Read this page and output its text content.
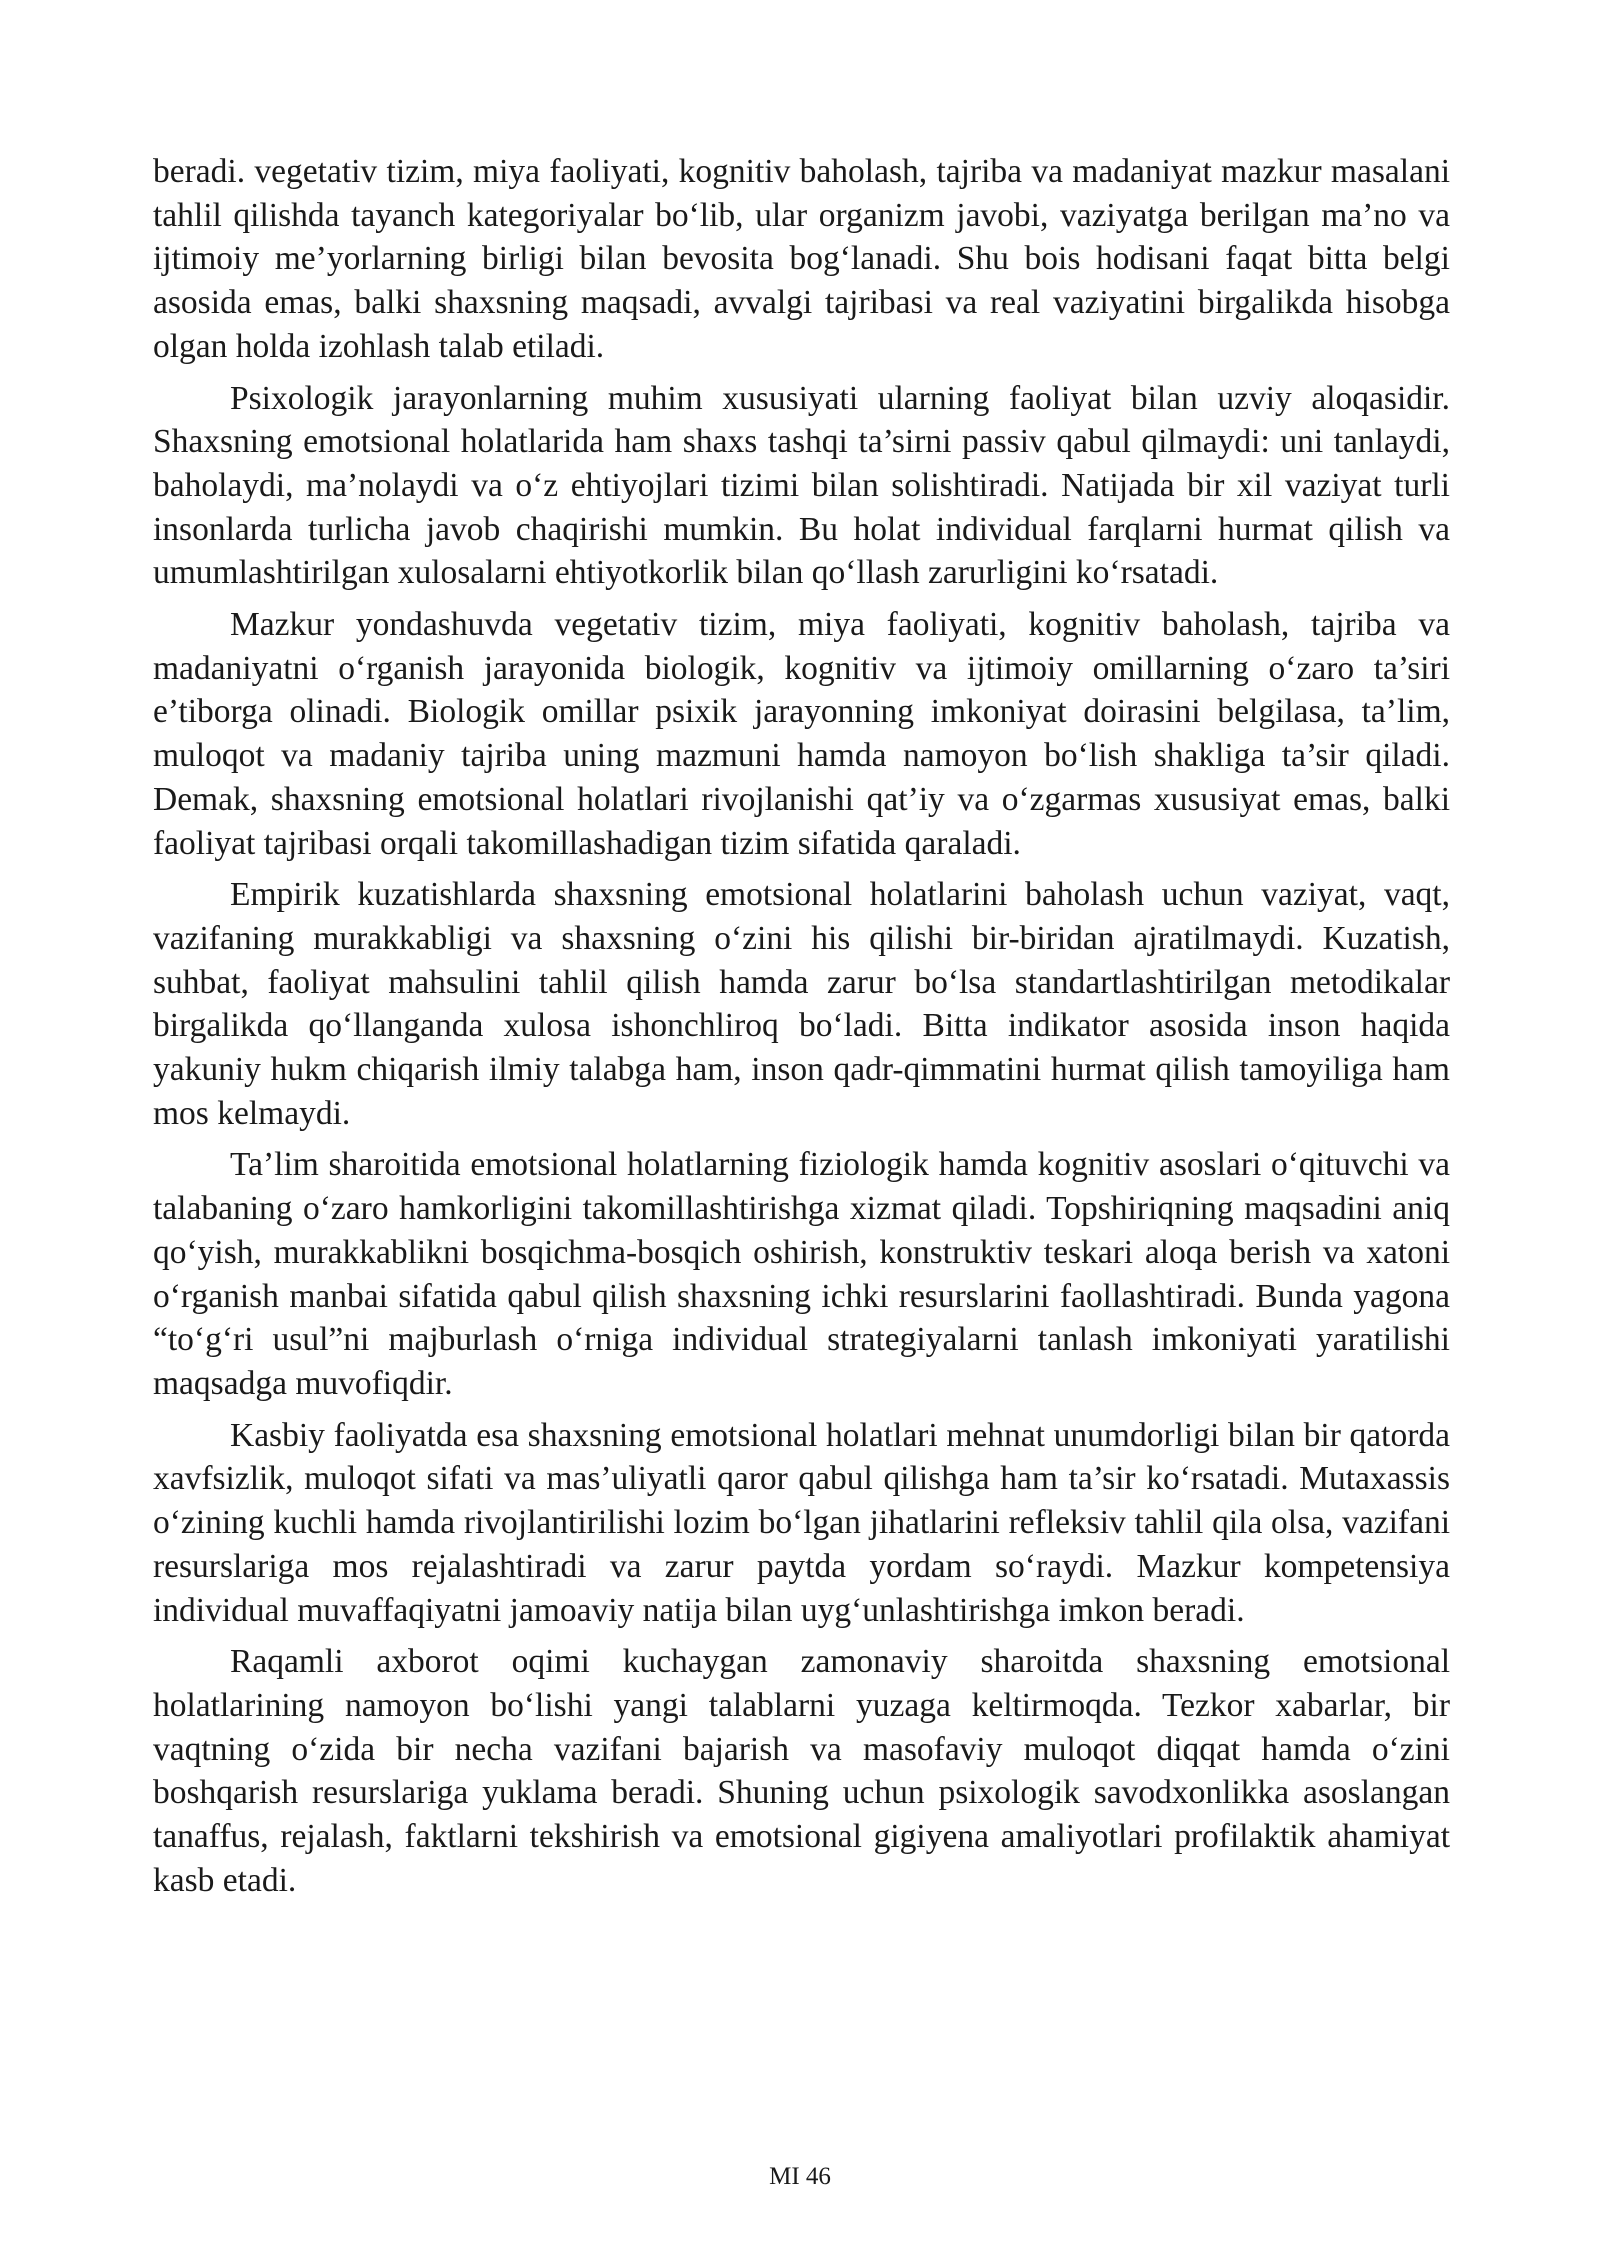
beradi. vegetativ tizim, miya faoliyati, kognitiv baholash, tajriba va madaniyat mazkur masalani tahlil qilishda tayanch kategoriyalar bo‘lib, ular organizm javobi, vaziyatga berilgan ma’no va ijtimoiy me’yorlarning birligi bilan bevosita bog‘lanadi. Shu bois hodisani faqat bitta belgi asosida emas, balki shaxsning maqsadi, avvalgi tajribasi va real vaziyatini birgalikda hisobga olgan holda izohlash talab etiladi.

Psixologik jarayonlarning muhim xususiyati ularning faoliyat bilan uzviy aloqasidir. Shaxsning emotsional holatlarida ham shaxs tashqi ta’sirni passiv qabul qilmaydi: uni tanlaydi, baholaydi, ma’nolaydi va o‘z ehtiyojlari tizimi bilan solishtiradi. Natijada bir xil vaziyat turli insonlarda turlicha javob chaqirishi mumkin. Bu holat individual farqlarni hurmat qilish va umumlashtirilgan xulosalarni ehtiyotkorlik bilan qo‘llash zarurligini ko‘rsatadi.

Mazkur yondashuvda vegetativ tizim, miya faoliyati, kognitiv baholash, tajriba va madaniyatni o‘rganish jarayonida biologik, kognitiv va ijtimoiy omillarning o‘zaro ta’siri e’tiborga olinadi. Biologik omillar psixik jarayonning imkoniyat doirasini belgilasa, ta’lim, muloqot va madaniy tajriba uning mazmuni hamda namoyon bo‘lish shakliga ta’sir qiladi. Demak, shaxsning emotsional holatlari rivojlanishi qat’iy va o‘zgarmas xususiyat emas, balki faoliyat tajribasi orqali takomillashadigan tizim sifatida qaraladi.

Empirik kuzatishlarda shaxsning emotsional holatlarini baholash uchun vaziyat, vaqt, vazifaning murakkabligi va shaxsning o‘zini his qilishi bir-biridan ajratilmaydi. Kuzatish, suhbat, faoliyat mahsulini tahlil qilish hamda zarur bo‘lsa standartlashtirilgan metodikalar birgalikda qo‘llanganda xulosa ishonchliroq bo‘ladi. Bitta indikator asosida inson haqida yakuniy hukm chiqarish ilmiy talabga ham, inson qadr-qimmatini hurmat qilish tamoyiliga ham mos kelmaydi.

Ta’lim sharoitida emotsional holatlarning fiziologik hamda kognitiv asoslari o‘qituvchi va talabaning o‘zaro hamkorligini takomillashtirishga xizmat qiladi. Topshiriqning maqsadini aniq qo‘yish, murakkablikni bosqichma-bosqich oshirish, konstruktiv teskari aloqa berish va xatoni o‘rganish manbai sifatida qabul qilish shaxsning ichki resurslarini faollashtiradi. Bunda yagona “to‘g‘ri usul”ni majburlash o‘rniga individual strategiyalarni tanlash imkoniyati yaratilishi maqsadga muvofiqdir.

Kasbiy faoliyatda esa shaxsning emotsional holatlari mehnat unumdorligi bilan bir qatorda xavfsizlik, muloqot sifati va mas’uliyatli qaror qabul qilishga ham ta’sir ko‘rsatadi. Mutaxassis o‘zining kuchli hamda rivojlantirilishi lozim bo‘lgan jihatlarini refleksiv tahlil qila olsa, vazifani resurslariga mos rejalashtiradi va zarur paytda yordam so‘raydi. Mazkur kompetensiya individual muvaffaqiyatni jamoaviy natija bilan uyg‘unlashtirishga imkon beradi.

Raqamli axborot oqimi kuchaygan zamonaviy sharoitda shaxsning emotsional holatlarining namoyon bo‘lishi yangi talablarni yuzaga keltirmoqda. Tezkor xabarlar, bir vaqtning o‘zida bir necha vazifani bajarish va masofaviy muloqot diqqat hamda o‘zini boshqarish resurslariga yuklama beradi. Shuning uchun psixologik savodxonlikka asoslangan tanaffus, rejalash, faktlarni tekshirish va emotsional gigiyena amaliyotlari profilaktik ahamiyat kasb etadi.

MI 46
